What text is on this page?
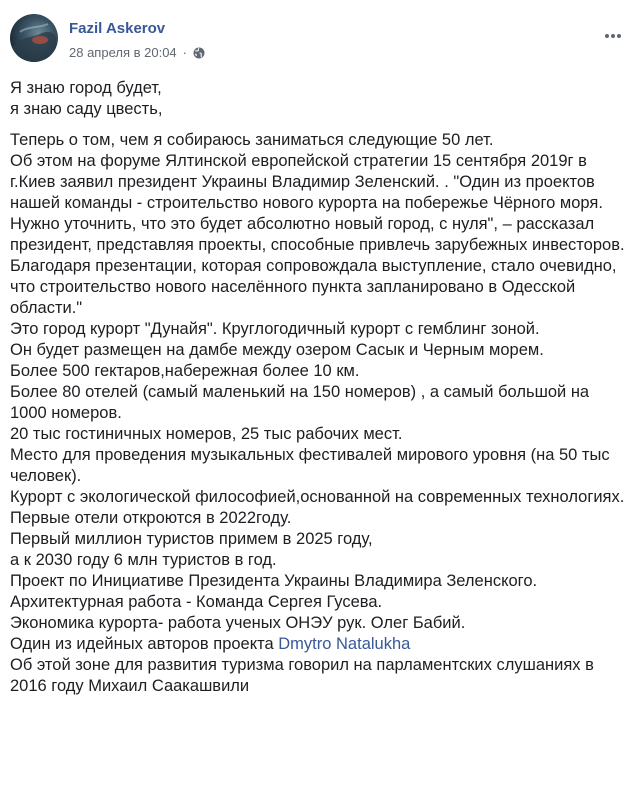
Fazil Askerov
28 апреля в 20:04 ·

Я знаю город будет,

я знаю саду цвесть,

Теперь о том, чем я собираюсь заниматься следующие 50 лет.

Об этом на форуме Ялтинской европейской стратегии 15 сентября 2019г в г.Киев заявил президент Украины Владимир Зеленский. . "Один из проектов нашей команды - строительство нового курорта на побережье Чёрного моря. Нужно уточнить, что это будет абсолютно новый город, с нуля", – рассказал президент, представляя проекты, способные привлечь зарубежных инвесторов. Благодаря презентации, которая сопровождала выступление, стало очевидно, что строительство нового населённого пункта запланировано в Одесской области."

Это город курорт "Дунайя". Круглогодичный курорт с гемблинг зоной.

Он будет размещен на дамбе между озером Сасык и Черным морем.

Более 500 гектаров,набережная более 10 км.

Более 80 отелей (самый маленький на 150 номеров) , а самый большой на 1000 номеров.

20 тыс гостиничных номеров, 25 тыс рабочих мест.

Место для проведения музыкальных фестивалей мирового уровня (на 50 тыс человек).

Курорт с экологической философией,основанной на современных технологиях.

Первые отели откроются в 2022году.

Первый миллион туристов примем в 2025 году,

а к 2030 году 6 млн туристов в год.

Проект по Инициативе Президента Украины Владимира Зеленского.

Архитектурная работа - Команда Сергея Гусева.

Экономика курорта- работа ученых ОНЭУ рук. Олег Бабий.

Один из идейных авторов проекта Dmytro Natalukha

Об этой зоне для развития туризма говорил на парламентских слушаниях в 2016 году Михаил Саакашвили
